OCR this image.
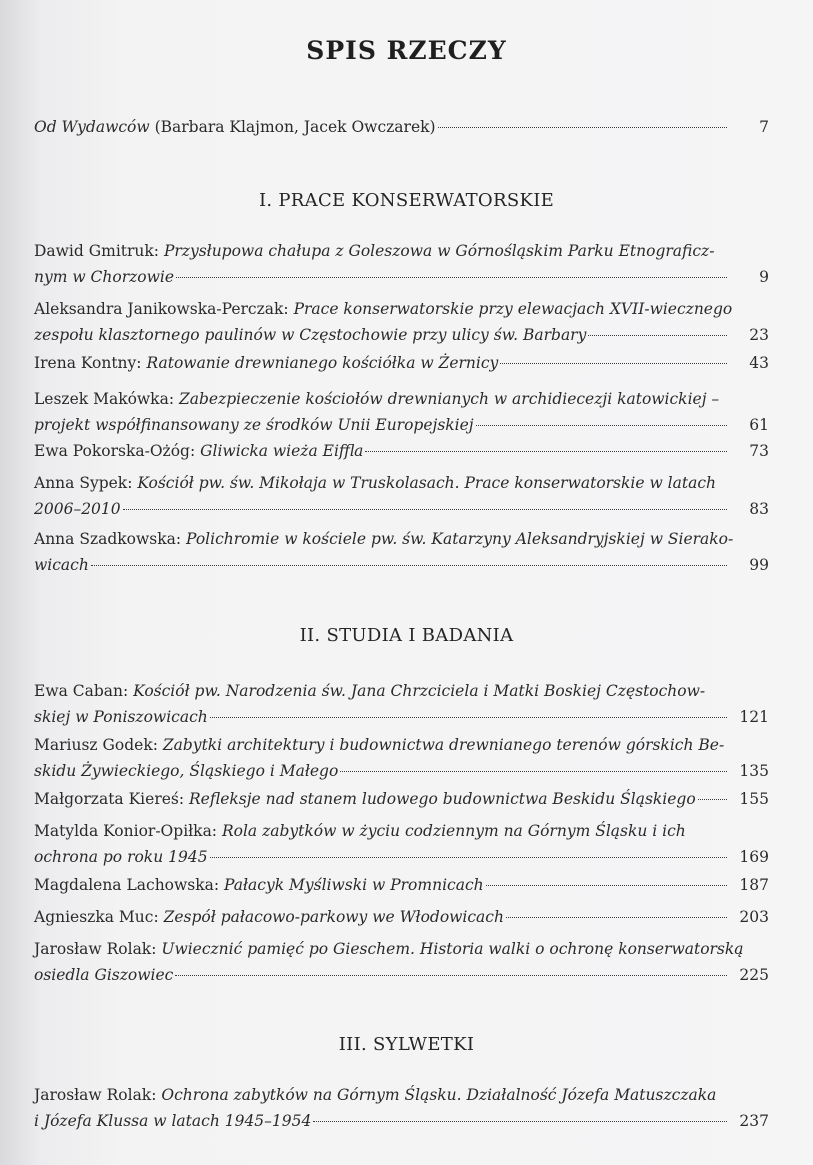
SPIS RZECZY
Od Wydawców
(Barbara Klajmon, Jacek Owczarek)	7
I. PRACE KONSERWATORSKIE
Dawid Gmitruk: Przysłupowa chałupa z Goleszowa w Górnośląskim Parku Etnograficz-
nym w Chorzowie	9
Aleksandra Janikowska-Perczak: Prace konserwatorskie przy elewacjach XVII-wiecznego
zespołu klasztornego paulinów w Częstochowie przy ulicy św. Barbary	23
Irena Kontny:
Ratowanie drewnianego kościółka w Żernicy	43
Leszek Makówka: Zabezpieczenie kościołów drewnianych w archidiecezji katowickiej –
projekt współfinansowany ze środków Unii Europejskiej	61
Ewa Pokorska-Ożóg:
Gliwicka wieża Eiffla	73
Anna Sypek: Kościół pw. św. Mikołaja w Truskolasach. Prace konserwatorskie w latach
2006–2010	83
Anna Szadkowska: Polichromie w kościele pw. św. Katarzyny Aleksandryjskiej w Sierako-
wicach	99
II. STUDIA I BADANIA
Ewa Caban: Kościół pw. Narodzenia św. Jana Chrzciciela i Matki Boskiej Częstochow-
skiej w Poniszowicach	121
Mariusz Godek: Zabytki architektury i budownictwa drewnianego terenów górskich Be-
skidu Żywieckiego, Śląskiego i Małego	135
Małgorzata Kiereś:
Refleksje nad stanem ludowego budownictwa Beskidu Śląskiego	155
Matylda Konior-Opiłka: Rola zabytków w życiu codziennym na Górnym Śląsku i ich
ochrona po roku 1945	169
Magdalena Lachowska:
Pałacyk Myśliwski w Promnicach	187
Agnieszka Muc:
Zespół pałacowo-parkowy we Włodowicach	203
Jarosław Rolak: Uwiecznić pamięć po Gieschem. Historia walki o ochronę konserwatorską
osiedla Giszowiec	225
III. SYLWETKI
Jarosław Rolak: Ochrona zabytków na Górnym Śląsku. Działalność Józefa Matuszczaka
i Józefa Klussa w latach 1945–1954	237
